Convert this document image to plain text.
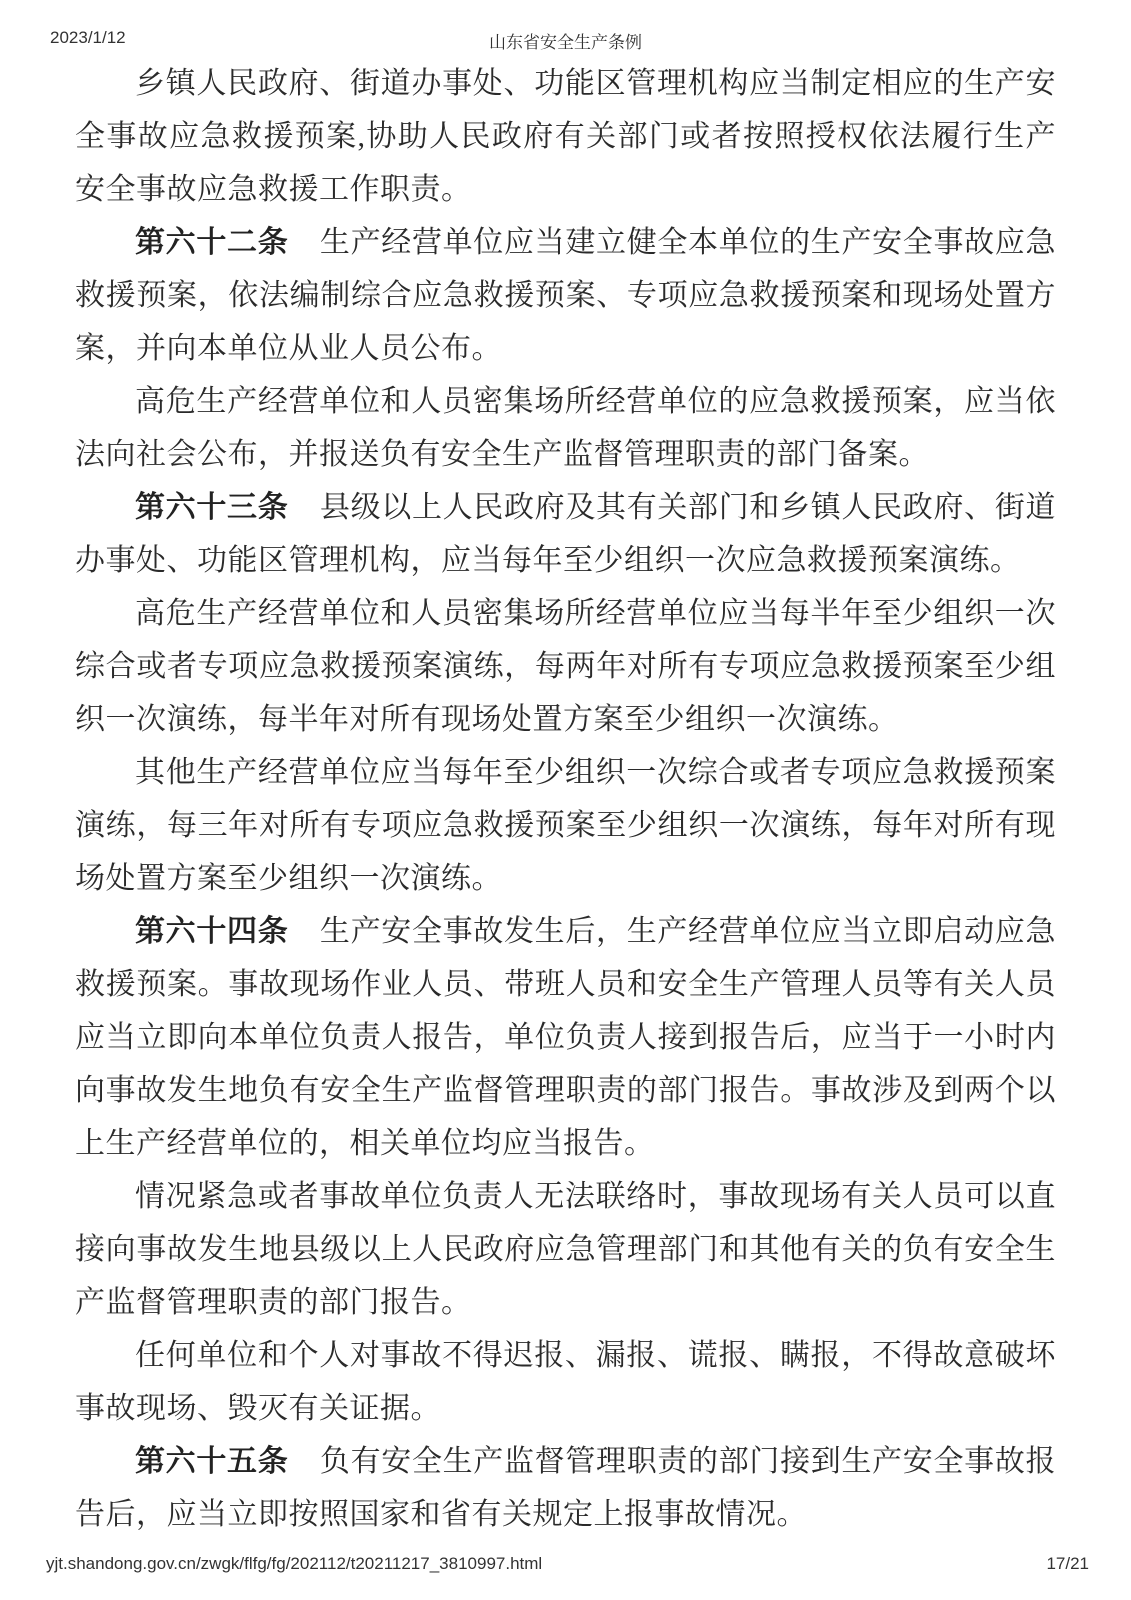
2023/1/12	山东省安全生产条例

乡镇人民政府、街道办事处、功能区管理机构应当制定相应的生产安全事故应急救援预案,协助人民政府有关部门或者按照授权依法履行生产安全事故应急救援工作职责。

第六十二条 生产经营单位应当建立健全本单位的生产安全事故应急救援预案，依法编制综合应急救援预案、专项应急救援预案和现场处置方案，并向本单位从业人员公布。

高危生产经营单位和人员密集场所经营单位的应急救援预案，应当依法向社会公布，并报送负有安全生产监督管理职责的部门备案。

第六十三条 县级以上人民政府及其有关部门和乡镇人民政府、街道办事处、功能区管理机构，应当每年至少组织一次应急救援预案演练。

高危生产经营单位和人员密集场所经营单位应当每半年至少组织一次综合或者专项应急救援预案演练，每两年对所有专项应急救援预案至少组织一次演练，每半年对所有现场处置方案至少组织一次演练。

其他生产经营单位应当每年至少组织一次综合或者专项应急救援预案演练，每三年对所有专项应急救援预案至少组织一次演练，每年对所有现场处置方案至少组织一次演练。

第六十四条 生产安全事故发生后，生产经营单位应当立即启动应急救援预案。事故现场作业人员、带班人员和安全生产管理人员等有关人员应当立即向本单位负责人报告，单位负责人接到报告后，应当于一小时内向事故发生地负有安全生产监督管理职责的部门报告。事故涉及到两个以上生产经营单位的，相关单位均应当报告。

情况紧急或者事故单位负责人无法联络时，事故现场有关人员可以直接向事故发生地县级以上人民政府应急管理部门和其他有关的负有安全生产监督管理职责的部门报告。

任何单位和个人对事故不得迟报、漏报、谎报、瞒报，不得故意破坏事故现场、毁灭有关证据。

第六十五条 负有安全生产监督管理职责的部门接到生产安全事故报告后，应当立即按照国家和省有关规定上报事故情况。

yjt.shandong.gov.cn/zwgk/flfg/fg/202112/t20211217_3810997.html	17/21
